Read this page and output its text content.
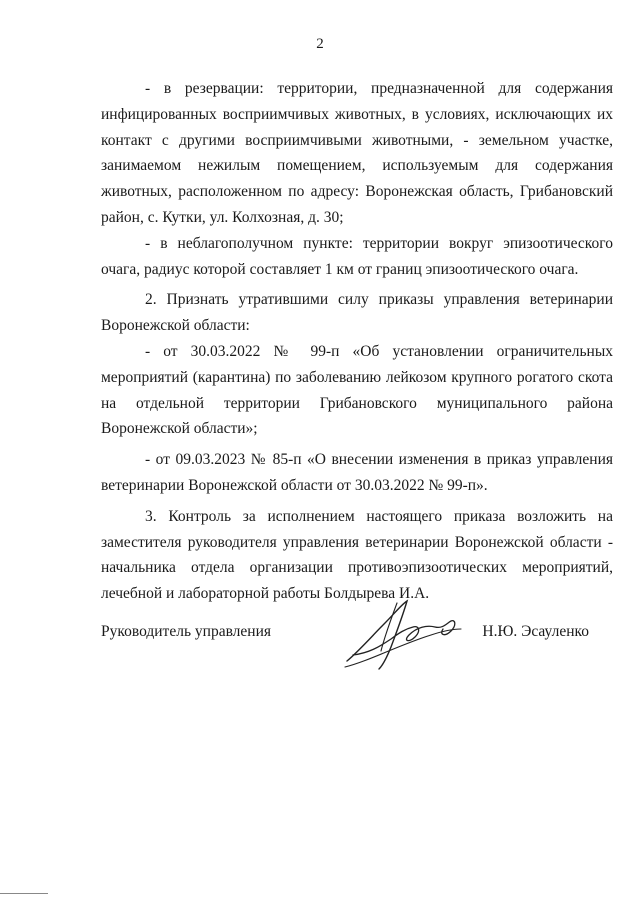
2

- в резервации: территории, предназначенной для содержания инфицированных восприимчивых животных, в условиях, исключающих их контакт с другими восприимчивыми животными, - земельном участке, занимаемом нежилым помещением, используемым для содержания животных, расположенном по адресу: Воронежская область, Грибановский район, с. Кутки, ул. Колхозная, д. 30;

- в неблагополучном пункте: территории вокруг эпизоотического очага, радиус которой составляет 1 км от границ эпизоотического очага.

2. Признать утратившими силу приказы управления ветеринарии Воронежской области:

- от 30.03.2022 № 99-п «Об установлении ограничительных мероприятий (карантина) по заболеванию лейкозом крупного рогатого скота на отдельной территории Грибановского муниципального района Воронежской области»;

- от 09.03.2023 № 85-п «О внесении изменения в приказ управления ветеринарии Воронежской области от 30.03.2022 № 99-п».

3. Контроль за исполнением настоящего приказа возложить на заместителя руководителя управления ветеринарии Воронежской области - начальника отдела организации противоэпизоотических мероприятий, лечебной и лабораторной работы Болдырева И.А.

Руководитель управления	Н.Ю. Эсауленко
